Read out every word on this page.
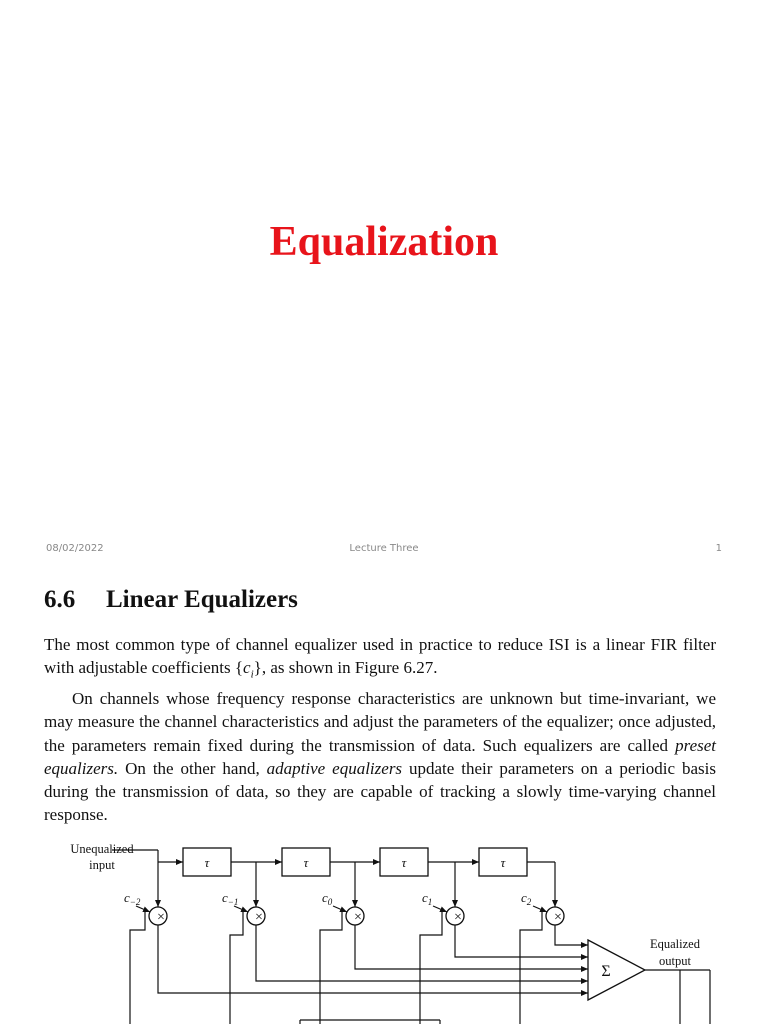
Equalization
08/02/2022	Lecture Three	1
6.6 Linear Equalizers

The most common type of channel equalizer used in practice to reduce ISI is a linear FIR filter with adjustable coefficients $\{c_i\}$, as shown in Figure 6.27.

On channels whose frequency response characteristics are unknown but time-invariant, we may measure the channel characteristics and adjust the parameters of the equalizer; once adjusted, the parameters remain fixed during the transmission of data. Such equalizers are called preset equalizers. On the other hand, adaptive equalizers update their parameters on a periodic basis during the transmission of data, so they are capable of tracking a slowly time-varying channel response.

Unequalized
input	τ	τ	τ	τ
×	×	×	×	×
$c_{-2}$	$c_{-1}$	$c_0$	$c_1$	$c_2$
Σ
Equalized
output
